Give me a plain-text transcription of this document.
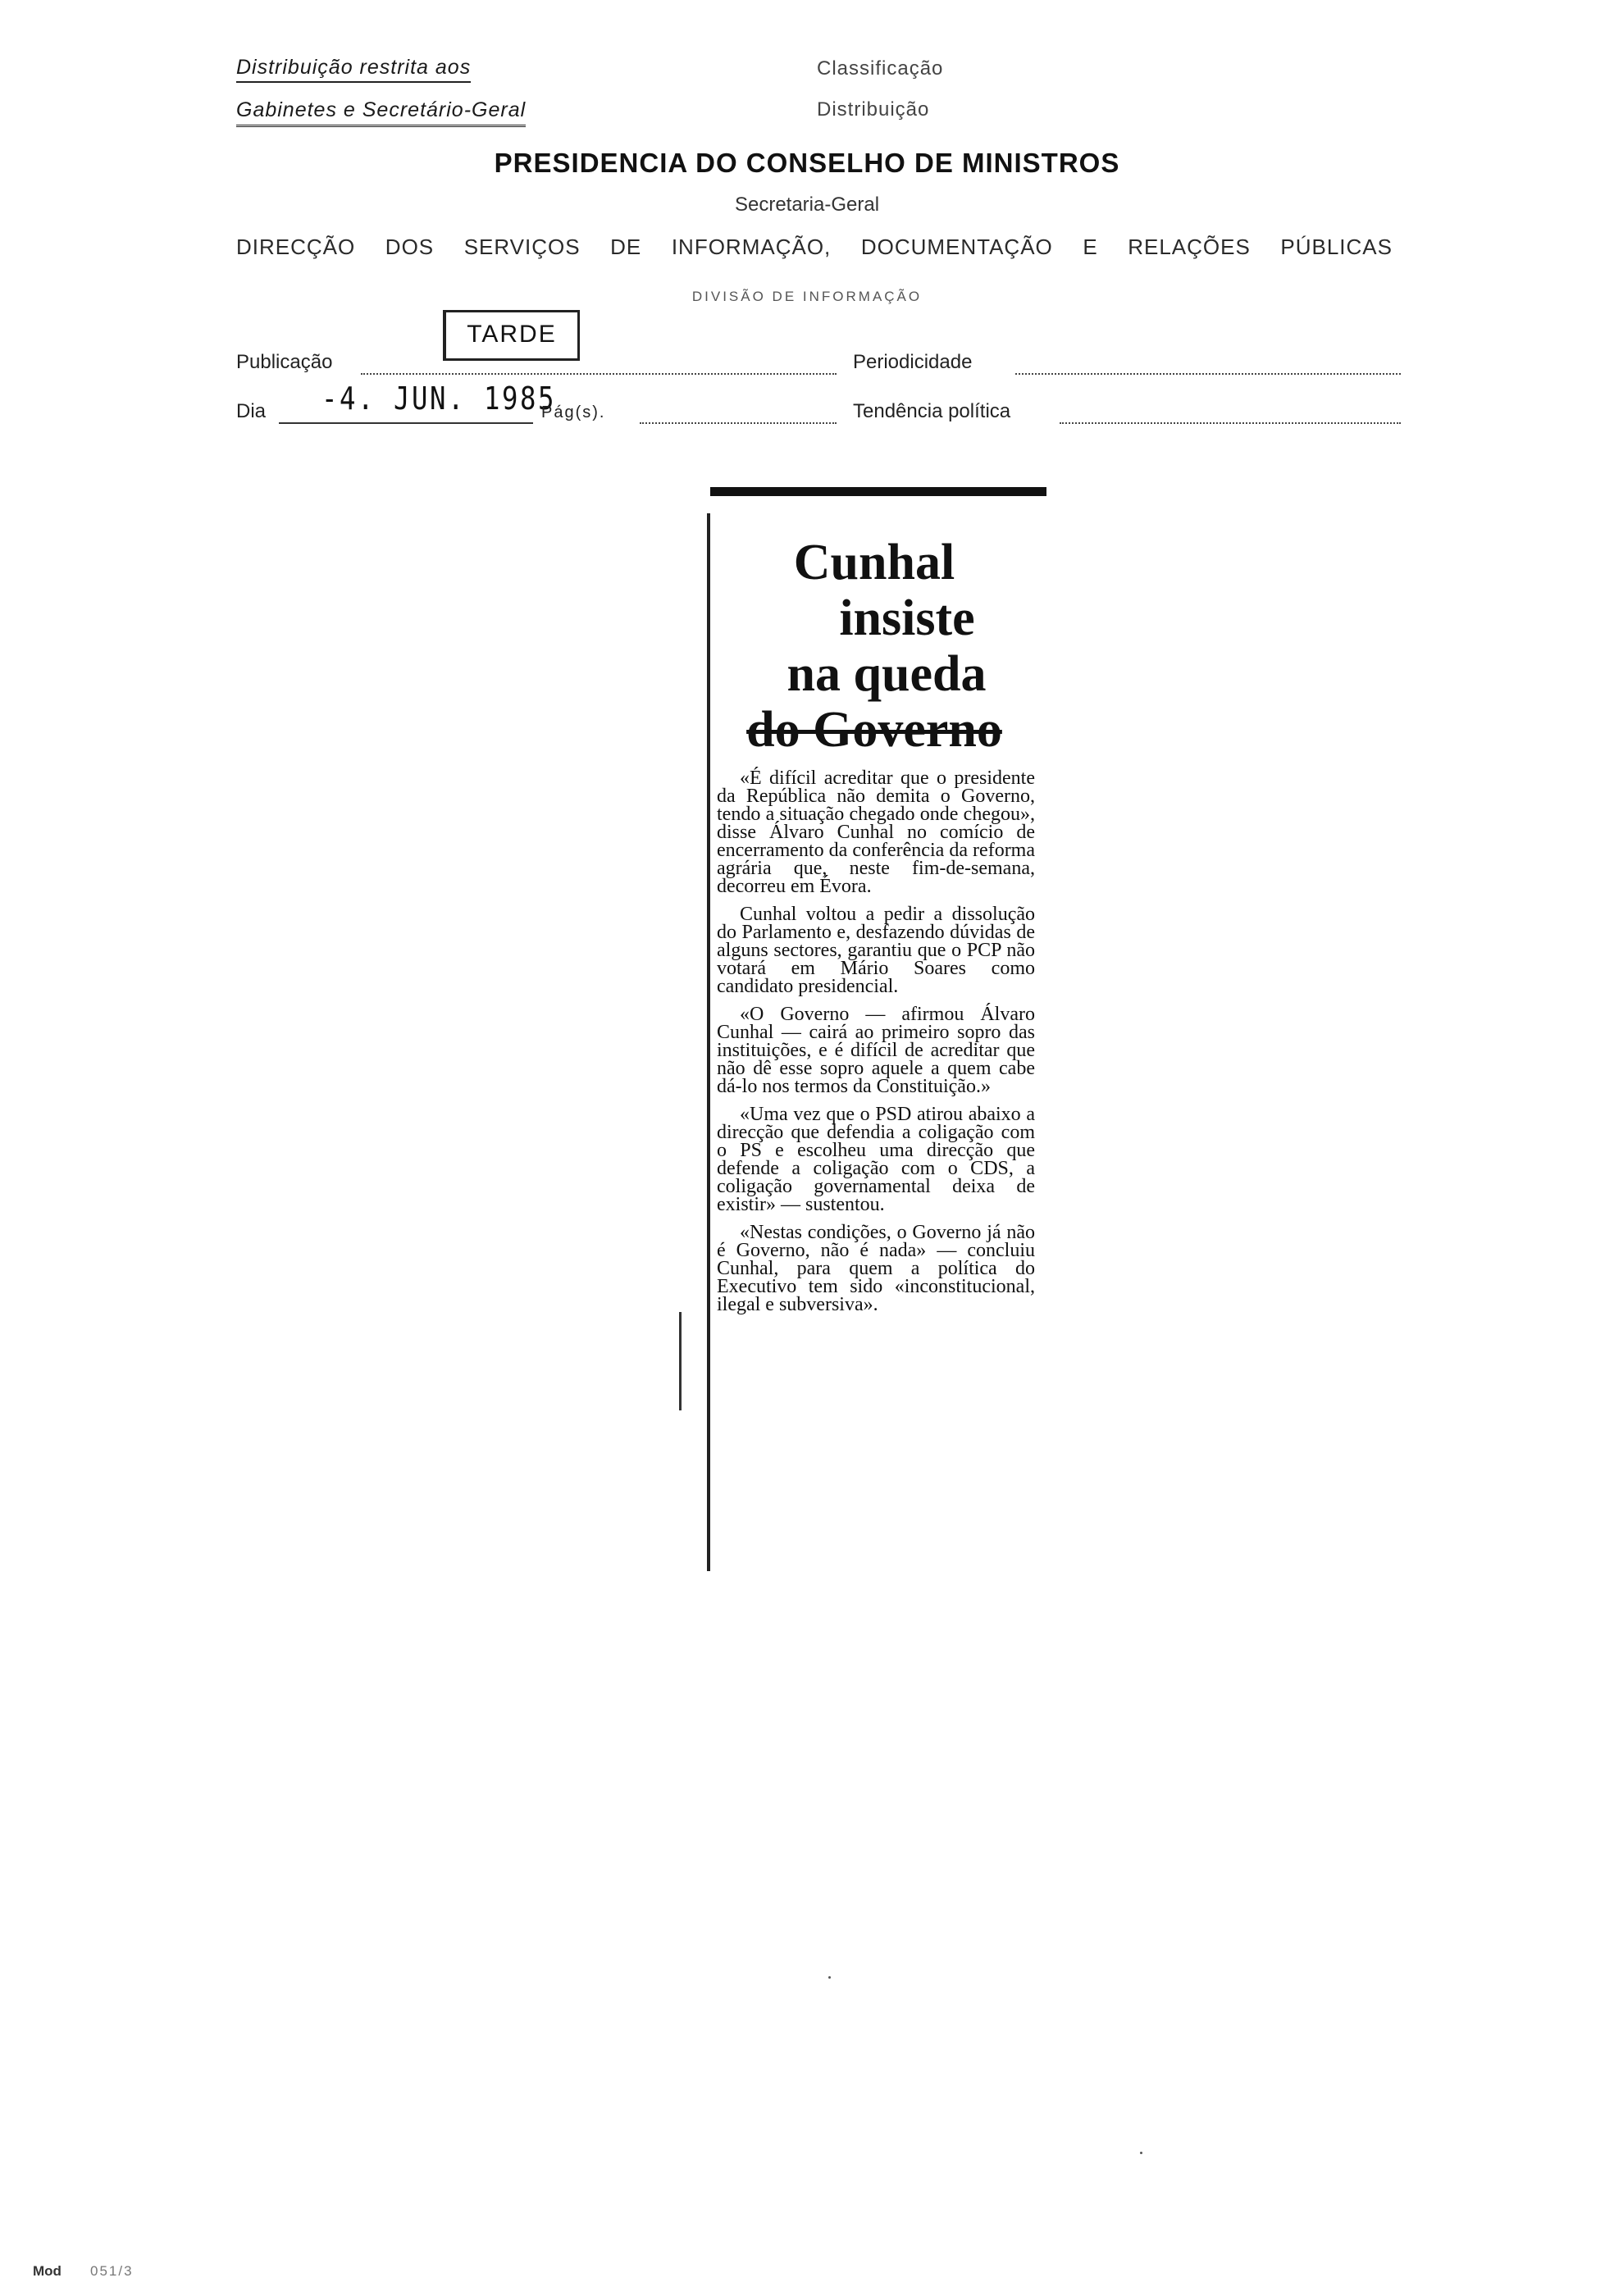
Distribuição restrita aos
Gabinetes e Secretário-Geral
Classificação
Distribuição
PRESIDENCIA DO CONSELHO DE MINISTROS
Secretaria-Geral
DIRECÇÃO DOS SERVIÇOS DE INFORMAÇÃO, DOCUMENTAÇÃO E RELAÇÕES PÚBLICAS
DIVISÃO DE INFORMAÇÃO
TARDE
Publicação	Periodicidade
Dia -4. JUN. 1985
Pág(s).	Tendência política
Cunhal
insiste
na queda
do Governo

«É difícil acreditar que o presidente da República não demita o Governo, tendo a situação chegado onde chegou», disse Álvaro Cunhal no comício de encerramento da conferência da reforma agrária que, neste fim-de-semana, decorreu em Évora.

Cunhal voltou a pedir a dissolução do Parlamento e, desfazendo dúvidas de alguns sectores, garantiu que o PCP não votará em Mário Soares como candidato presidencial.

«O Governo — afirmou Álvaro Cunhal — cairá ao primeiro sopro das instituições, e é difícil de acreditar que não dê esse sopro aquele a quem cabe dá-lo nos termos da Constituição.»

«Uma vez que o PSD atirou abaixo a direcção que defendia a coligação com o PS e escolheu uma direcção que defende a coligação com o CDS, a coligação governamental deixa de existir» — sustentou.

«Nestas condições, o Governo já não é Governo, não é nada» — concluiu Cunhal, para quem a política do Executivo tem sido «inconstitucional, ilegal e subversiva».

Mod 051/3
